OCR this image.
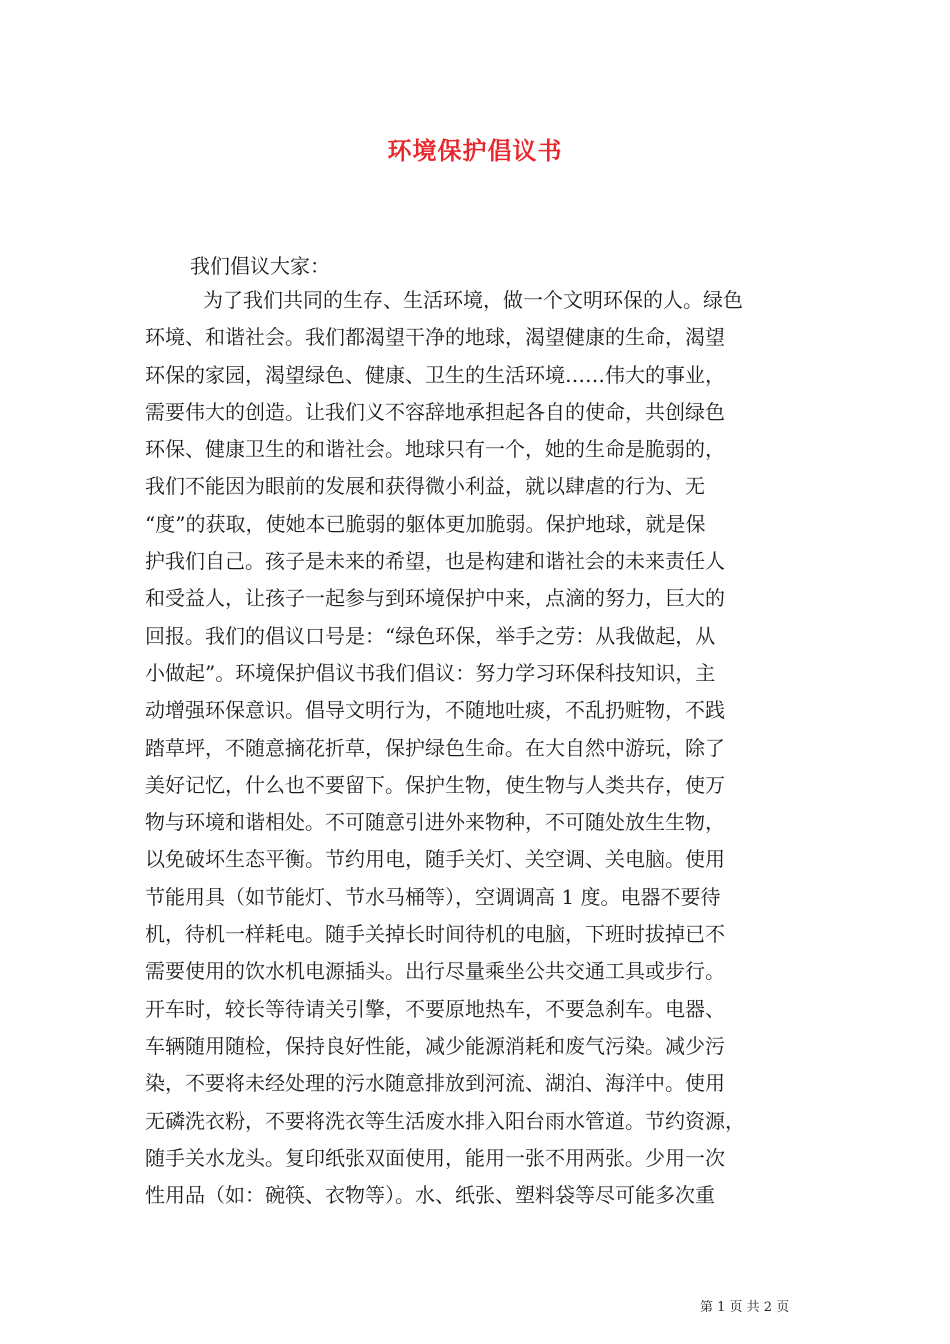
环境保护倡议书
我们倡议大家：
为了我们共同的生存、生活环境，做一个文明环保的人。绿色
环境、和谐社会。我们都渴望干净的地球，渴望健康的生命，渴望
环保的家园，渴望绿色、健康、卫生的生活环境……伟大的事业，
需要伟大的创造。让我们义不容辞地承担起各自的使命，共创绿色
环保、健康卫生的和谐社会。地球只有一个，她的生命是脆弱的，
我们不能因为眼前的发展和获得微小利益，就以肆虐的行为、无
“度”的获取，使她本已脆弱的躯体更加脆弱。保护地球，就是保
护我们自己。孩子是未来的希望，也是构建和谐社会的未来责任人
和受益人，让孩子一起参与到环境保护中来，点滴的努力，巨大的
回报。我们的倡议口号是：“绿色环保，举手之劳：从我做起，从
小做起”。环境保护倡议书我们倡议：努力学习环保科技知识，主
动增强环保意识。倡导文明行为，不随地吐痰，不乱扔赃物，不践
踏草坪，不随意摘花折草，保护绿色生命。在大自然中游玩，除了
美好记忆，什么也不要留下。保护生物，使生物与人类共存，使万
物与环境和谐相处。不可随意引进外来物种，不可随处放生生物，
以免破坏生态平衡。节约用电，随手关灯、关空调、关电脑。使用
节能用具（如节能灯、节水马桶等），空调调高 1 度。电器不要待
机，待机一样耗电。随手关掉长时间待机的电脑，下班时拔掉已不
需要使用的饮水机电源插头。出行尽量乘坐公共交通工具或步行。
开车时，较长等待请关引擎，不要原地热车，不要急刹车。电器、
车辆随用随检，保持良好性能，减少能源消耗和废气污染。减少污
染，不要将未经处理的污水随意排放到河流、湖泊、海洋中。使用
无磷洗衣粉，不要将洗衣等生活废水排入阳台雨水管道。节约资源，
随手关水龙头。复印纸张双面使用，能用一张不用两张。少用一次
性用品（如：碗筷、衣物等）。水、纸张、塑料袋等尽可能多次重
第 1 页 共 2 页
